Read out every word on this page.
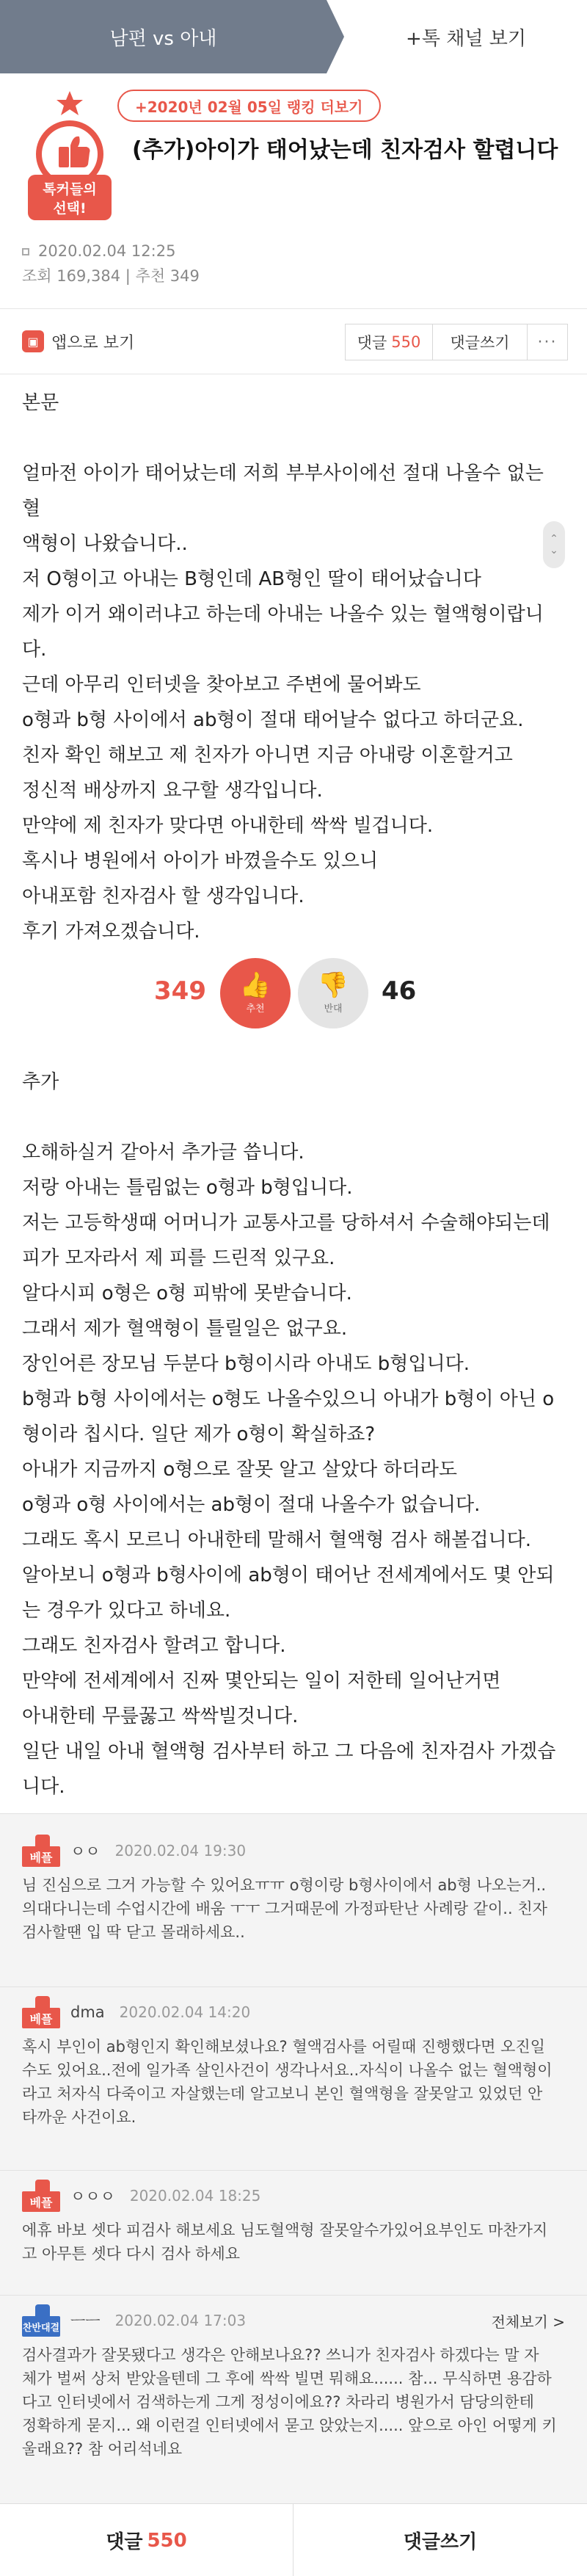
남편 vs 아내	+톡 채널 보기
톡커들의
선택!
+2020년 02월 05일 랭킹 더보기
(추가)아이가 태어났는데 친자검사 할렵니다
2020.02.04 12:25
조회 169,384 | 추천 349
▣ 앱으로 보기	댓글 550	댓글쓰기	···

본문

얼마전 아이가 태어났는데 저희 부부사이에선 절대 나올수 없는 혈

액형이 나왔습니다..

저 O형이고 아내는 B형인데 AB형인 딸이 태어났습니다

제가 이거 왜이러냐고 하는데 아내는 나올수 있는 혈액형이랍니다.

근데 아무리 인터넷을 찾아보고 주변에 물어봐도

o형과 b형 사이에서 ab형이 절대 태어날수 없다고 하더군요.

친자 확인 해보고 제 친자가 아니면 지금 아내랑 이혼할거고

정신적 배상까지 요구할 생각입니다.

만약에 제 친자가 맞다면 아내한테 싹싹 빌겁니다.

혹시나 병원에서 아이가 바꼈을수도 있으니

아내포함 친자검사 할 생각입니다.

후기 가져오겠습니다.

⌃
⌄
349 👍
추천
👎
반대
46

추가

오해하실거 같아서 추가글 씁니다.

저랑 아내는 틀림없는 o형과 b형입니다.

저는 고등학생때 어머니가 교통사고를 당하셔서 수술해야되는데

피가 모자라서 제 피를 드린적 있구요.

알다시피 o형은 o형 피밖에 못받습니다.

그래서 제가 혈액형이 틀릴일은 없구요.

장인어른 장모님 두분다 b형이시라 아내도 b형입니다.

b형과 b형 사이에서는 o형도 나올수있으니 아내가 b형이 아닌 o

형이라 칩시다. 일단 제가 o형이 확실하죠?

아내가 지금까지 o형으로 잘못 알고 살았다 하더라도

o형과 o형 사이에서는 ab형이 절대 나올수가 없습니다.

그래도 혹시 모르니 아내한테 말해서 혈액형 검사 해볼겁니다.

알아보니 o형과 b형사이에 ab형이 태어난 전세계에서도 몇 안되

는 경우가 있다고 하네요.

그래도 친자검사 할려고 합니다.

만약에 전세계에서 진짜 몇안되는 일이 저한테 일어난거면

아내한테 무릎꿇고 싹싹빌것니다.

일단 내일 아내 혈액형 검사부터 하고 그 다음에 친자검사 가겠습

니다.

베플	ㅇㅇ 2020.02.04 19:30
님 진심으로 그거 가능할 수 있어요ㅠㅠ o형이랑 b형사이에서 ab형 나오는거..
의대다니는데 수업시간에 배움 ㅜㅜ 그거때문에 가정파탄난 사례랑 같이.. 친자
검사할땐 입 딱 닫고 몰래하세요..
베플	dma 2020.02.04 14:20
혹시 부인이 ab형인지 확인해보셨나요? 혈액검사를 어릴때 진행했다면 오진일
수도 있어요..전에 일가족 살인사건이 생각나서요..자식이 나올수 없는 혈액형이
라고 처자식 다죽이고 자살했는데 알고보니 본인 혈액형을 잘못알고 있었던 안
타까운 사건이요.
베플	ㅇㅇㅇ 2020.02.04 18:25
에휴 바보 셋다 피검사 해보세요 님도혈액형 잘못알수가있어요부인도 마찬가지
고 아무튼 셋다 다시 검사 하세요
찬반대결 ㅡㅡ 2020.02.04 17:03	전체보기 >
검사결과가 잘못됐다고 생각은 안해보나요?? 쓰니가 친자검사 하겠다는 말 자
체가 벌써 상처 받았을텐데 그 후에 싹싹 빌면 뭐해요...... 참... 무식하면 용감하
다고 인터넷에서 검색하는게 그게 정성이에요?? 차라리 병원가서 담당의한테
정확하게 묻지... 왜 이런걸 인터넷에서 묻고 앉았는지..... 앞으로 아인 어떻게 키
울래요?? 참 어리석네요
댓글 550	댓글쓰기
